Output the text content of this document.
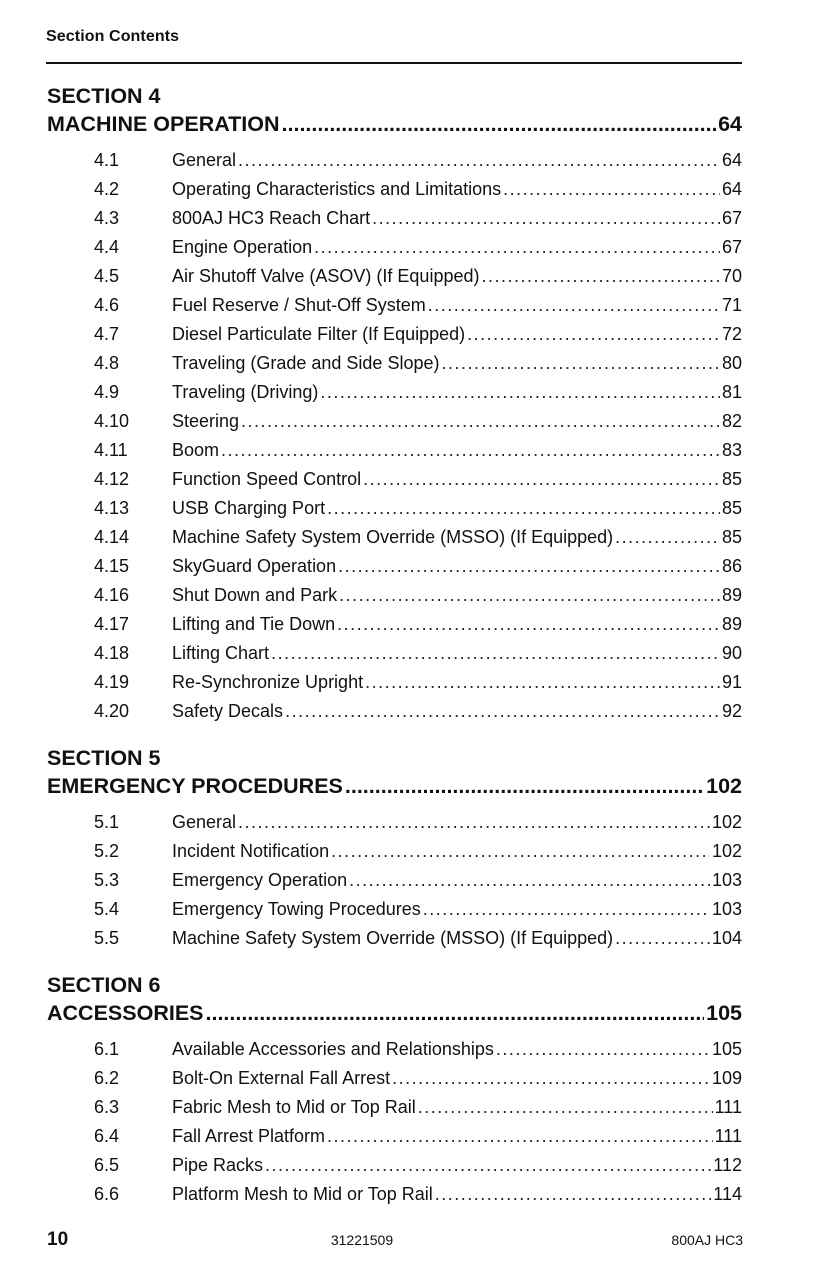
Section Contents
SECTION 4
MACHINE OPERATION .....	64
4.1	General .....	64
4.2	Operating Characteristics and Limitations .....	64
4.3	800AJ HC3 Reach Chart .....	67
4.4	Engine Operation .....	67
4.5	Air Shutoff Valve (ASOV) (If Equipped) .....	70
4.6	Fuel Reserve / Shut-Off System .....	71
4.7	Diesel Particulate Filter (If Equipped) .....	72
4.8	Traveling (Grade and Side Slope) .....	80
4.9	Traveling (Driving) .....	81
4.10	Steering .....	82
4.11	Boom .....	83
4.12	Function Speed Control .....	85
4.13	USB Charging Port .....	85
4.14	Machine Safety System Override (MSSO) (If Equipped) .....	85
4.15	SkyGuard Operation .....	86
4.16	Shut Down and Park .....	89
4.17	Lifting and Tie Down .....	89
4.18	Lifting Chart .....	90
4.19	Re-Synchronize Upright .....	91
4.20	Safety Decals .....	92
SECTION 5
EMERGENCY PROCEDURES .....	102
5.1	General .....	102
5.2	Incident Notification .....	102
5.3	Emergency Operation .....	103
5.4	Emergency Towing Procedures .....	103
5.5	Machine Safety System Override (MSSO) (If Equipped) .....	104
SECTION 6
ACCESSORIES .....	105
6.1	Available Accessories and Relationships .....	105
6.2	Bolt-On External Fall Arrest .....	109
6.3	Fabric Mesh to Mid or Top Rail .....	111
6.4	Fall Arrest Platform .....	111
6.5	Pipe Racks .....	112
6.6	Platform Mesh to Mid or Top Rail .....	114
10	31221509	800AJ HC3
